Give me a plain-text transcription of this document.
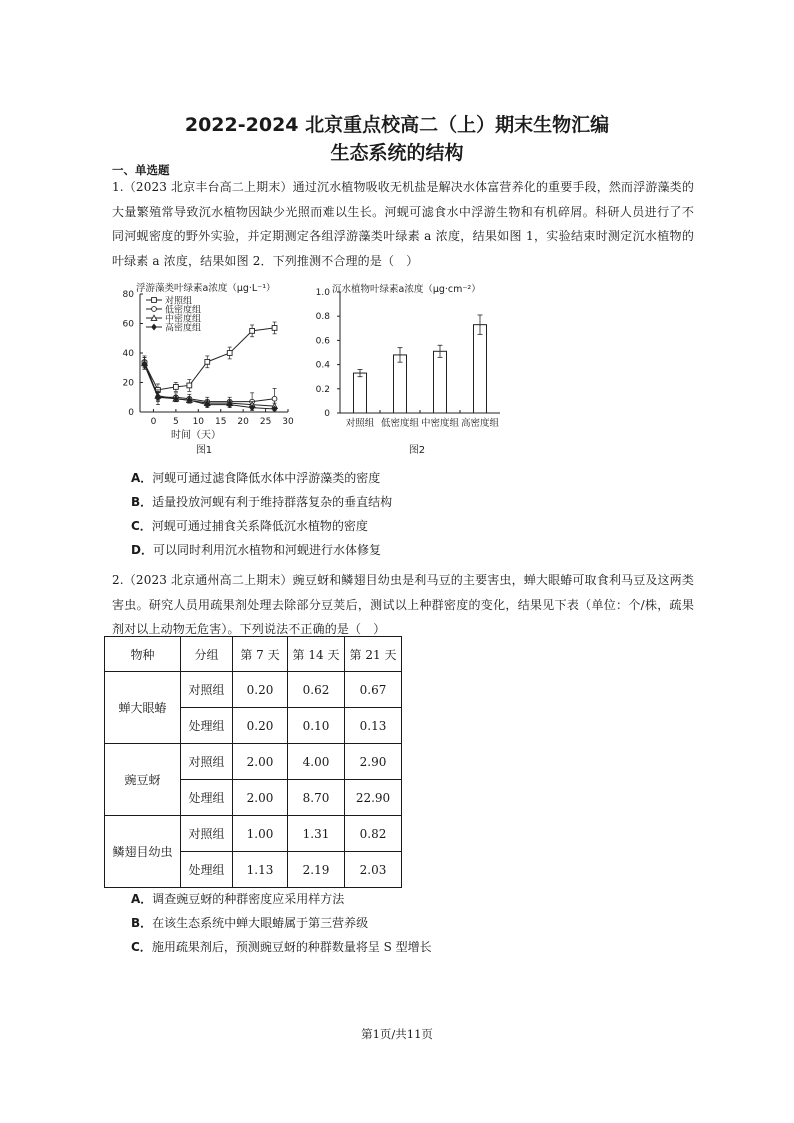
2022-2024 北京重点校高二（上）期末生物汇编
生态系统的结构
一、单选题
1.（2023 北京丰台高二上期末）通过沉水植物吸收无机盐是解决水体富营养化的重要手段，然而浮游藻类的大量繁殖常导致沉水植物因缺少光照而难以生长。河蚬可滤食水中浮游生物和有机碎屑。科研人员进行了不同河蚬密度的野外实验，并定期测定各组浮游藻类叶绿素 a 浓度，结果如图 1，实验结束时测定沉水植物的叶绿素 a 浓度，结果如图 2．下列推测不合理的是（　）
0
20
40
60
80
0 5 10 15 20 25 30
对照组
低密度组
中密度组
高密度组
浮游藻类叶绿素a浓度（μg·L⁻¹）
时间（天）
图1
0
0.2
0.4
0.6
0.8
1.0
对照组 低密度组 中密度组 高密度组
沉水植物叶绿素a浓度（μg·cm⁻²）
图2
A．河蚬可通过滤食降低水体中浮游藻类的密度
B．适量投放河蚬有利于维持群落复杂的垂直结构
C．河蚬可通过捕食关系降低沉水植物的密度
D．可以同时利用沉水植物和河蚬进行水体修复
2.（2023 北京通州高二上期末）豌豆蚜和鳞翅目幼虫是利马豆的主要害虫，蝉大眼蝽可取食利马豆及这两类害虫。研究人员用疏果剂处理去除部分豆荚后，测试以上种群密度的变化，结果见下表（单位：个/株，疏果剂对以上动物无危害）。下列说法不正确的是（　）
物种	分组	第 7 天	第 14 天	第 21 天
蝉大眼蝽	对照组	0.20	0.62	0.67
	处理组	0.20	0.10	0.13
豌豆蚜	对照组	2.00	4.00	2.90
	处理组	2.00	8.70	22.90
鳞翅目幼虫	对照组	1.00	1.31	0.82
	处理组	1.13	2.19	2.03
A．调查豌豆蚜的种群密度应采用样方法
B．在该生态系统中蝉大眼蝽属于第三营养级
C．施用疏果剂后，预测豌豆蚜的种群数量将呈 S 型增长
第1页/共11页
